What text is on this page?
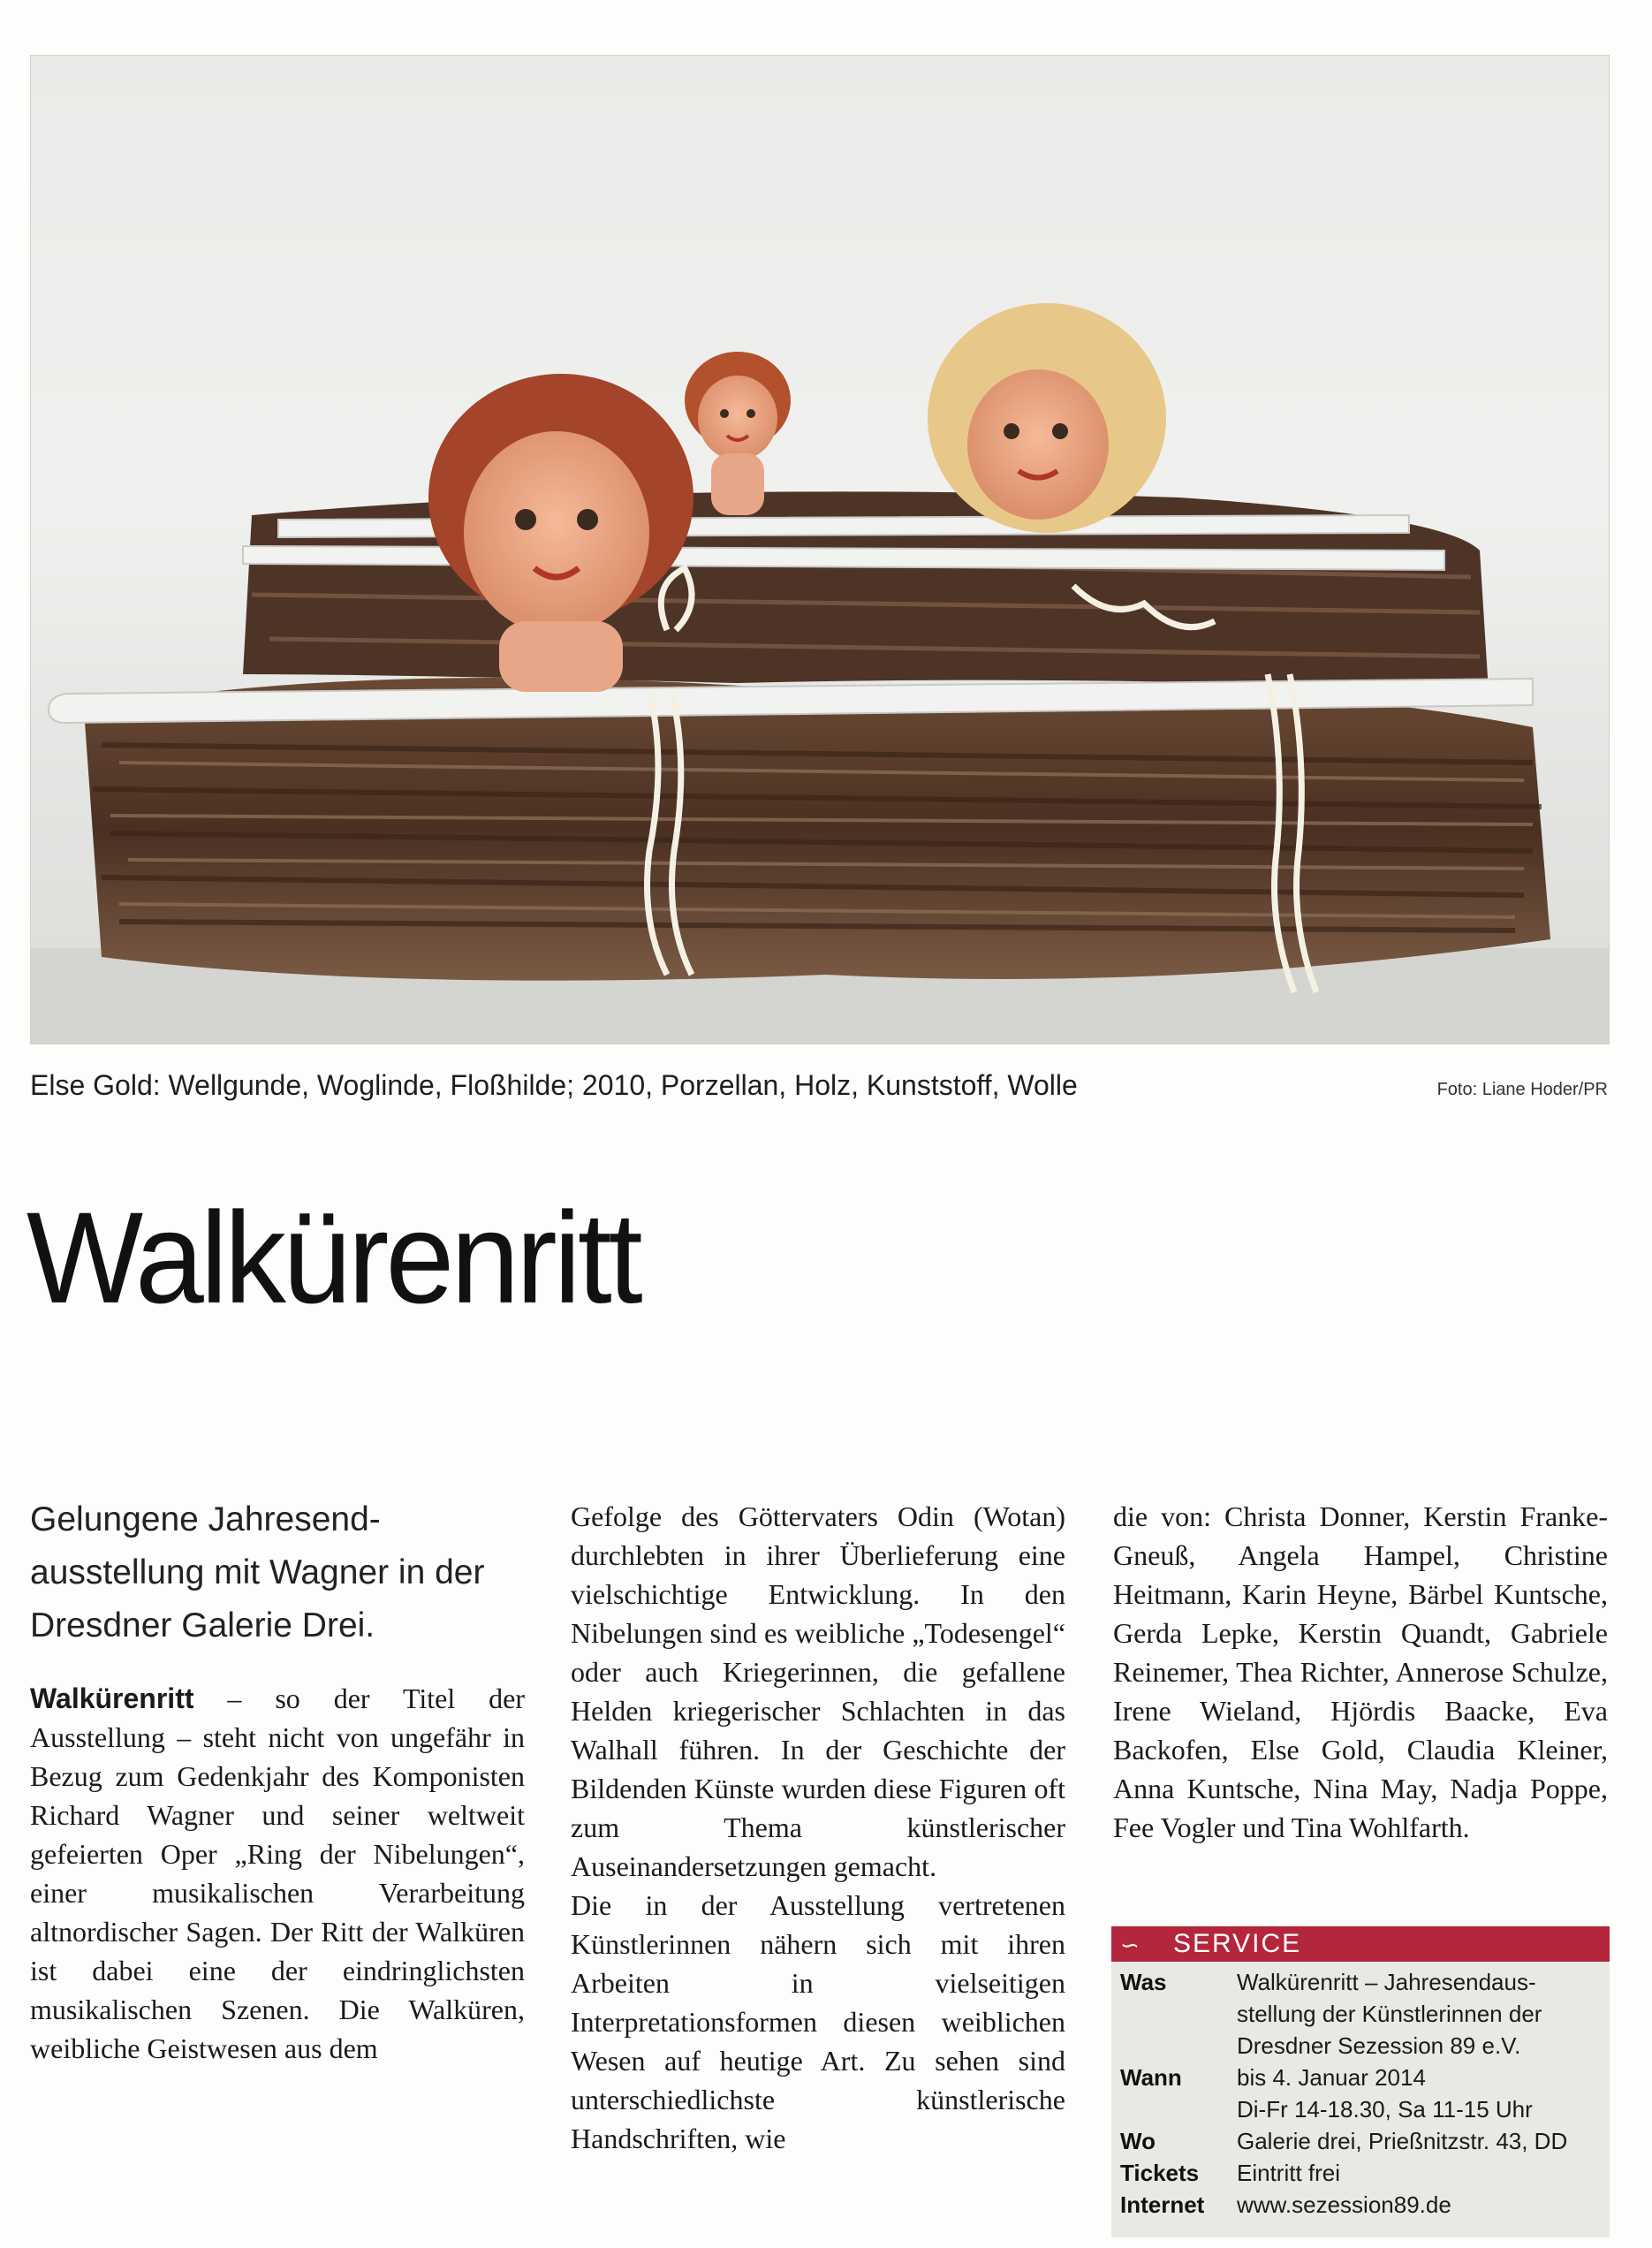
Else Gold: Wellgunde, Woglinde, Floßhilde; 2010, Porzellan, Holz, Kunststoff, Wolle	Foto: Liane Hoder/PR
Walkürenritt
Gelungene Jahresend-ausstellung mit Wagner in der Dresdner Galerie Drei.

Walkürenritt – so der Titel der Ausstellung – steht nicht von ungefähr in Bezug zum Gedenkjahr des Komponisten Richard Wagner und seiner weltweit gefeierten Oper „Ring der Nibelungen“, einer musikalischen Verarbeitung altnordischer Sagen. Der Ritt der Walküren ist dabei eine der eindringlichsten musikalischen Szenen. Die Walküren, weibliche Geistwesen aus dem

Gefolge des Göttervaters Odin (Wotan) durchlebten in ihrer Überlieferung eine vielschichtige Entwicklung. In den Nibelungen sind es weibliche „Todesengel“ oder auch Kriegerinnen, die gefallene Helden kriegerischer Schlachten in das Walhall führen. In der Geschichte der Bildenden Künste wurden diese Figuren oft zum Thema künstlerischer Auseinandersetzungen gemacht.

Die in der Ausstellung vertretenen Künstlerinnen nähern sich mit ihren Arbeiten in vielseitigen Interpretationsformen diesen weiblichen Wesen auf heutige Art. Zu sehen sind unterschiedlichste künstlerische Handschriften, wie

die von: Christa Donner, Kerstin Franke-Gneuß, Angela Hampel, Christine Heitmann, Karin Heyne, Bärbel Kuntsche, Gerda Lepke, Kerstin Quandt, Gabriele Reinemer, Thea Richter, Annerose Schulze, Irene Wieland, Hjördis Baacke, Eva Backofen, Else Gold, Claudia Kleiner, Anna Kuntsche, Nina May, Nadja Poppe, Fee Vogler und Tina Wohlfarth.

∽ SERVICE
Was	Walkürenritt – Jahresendaus-
stellung der Künstlerinnen der
Dresdner Sezession 89 e.V.
Wann	bis 4. Januar 2014
Di-Fr 14-18.30, Sa 11-15 Uhr
Wo	Galerie drei, Prießnitzstr. 43, DD
Tickets	Eintritt frei
Internet	www.sezession89.de
